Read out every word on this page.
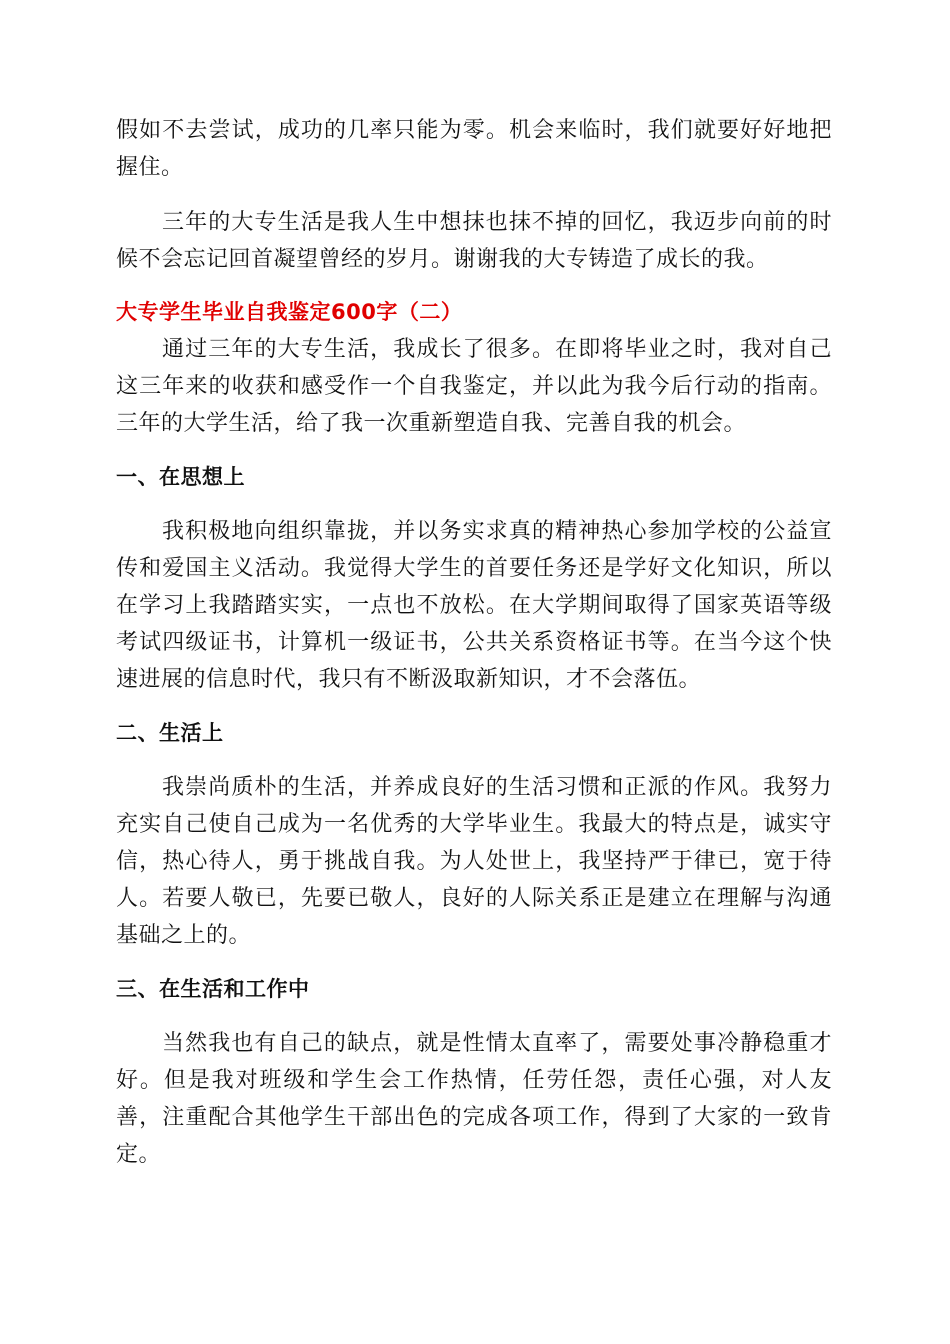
假如不去尝试，成功的几率只能为零。机会来临时，我们就要好好地把握住。

三年的大专生活是我人生中想抹也抹不掉的回忆，我迈步向前的时候不会忘记回首凝望曾经的岁月。谢谢我的大专铸造了成长的我。

大专学生毕业自我鉴定600字（二）

通过三年的大专生活，我成长了很多。在即将毕业之时，我对自己这三年来的收获和感受作一个自我鉴定，并以此为我今后行动的指南。三年的大学生活，给了我一次重新塑造自我、完善自我的机会。

一、在思想上

我积极地向组织靠拢，并以务实求真的精神热心参加学校的公益宣传和爱国主义活动。我觉得大学生的首要任务还是学好文化知识，所以在学习上我踏踏实实，一点也不放松。在大学期间取得了国家英语等级考试四级证书，计算机一级证书，公共关系资格证书等。在当今这个快速进展的信息时代，我只有不断汲取新知识，才不会落伍。

二、生活上

我崇尚质朴的生活，并养成良好的生活习惯和正派的作风。我努力充实自己使自己成为一名优秀的大学毕业生。我最大的特点是，诚实守信，热心待人，勇于挑战自我。为人处世上，我坚持严于律已，宽于待人。若要人敬已，先要已敬人，良好的人际关系正是建立在理解与沟通基础之上的。

三、在生活和工作中

当然我也有自己的缺点，就是性情太直率了，需要处事冷静稳重才好。但是我对班级和学生会工作热情，任劳任怨，责任心强，对人友善，注重配合其他学生干部出色的完成各项工作，得到了大家的一致肯定。
